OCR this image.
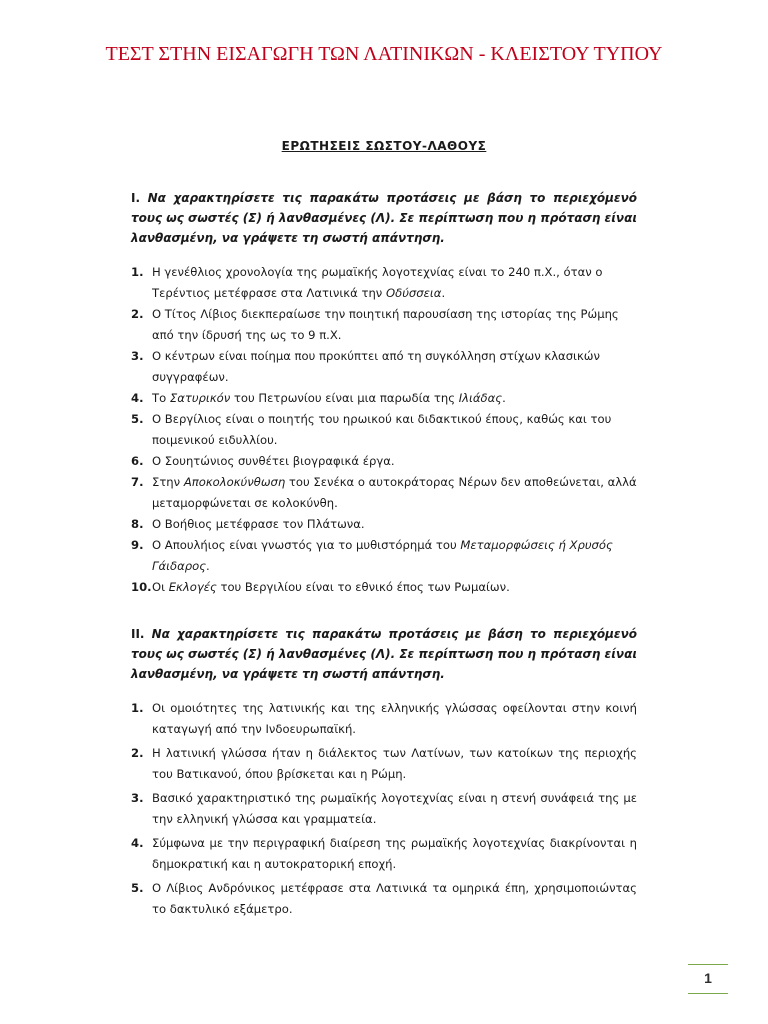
ΤΕΣΤ ΣΤΗΝ ΕΙΣΑΓΩΓΗ ΤΩΝ ΛΑΤΙΝΙΚΩΝ - ΚΛΕΙΣΤΟΥ ΤΥΠΟΥ
ΕΡΩΤΗΣΕΙΣ ΣΩΣΤΟΥ-ΛΑΘΟΥΣ
I. Να χαρακτηρίσετε τις παρακάτω προτάσεις με βάση το περιεχόμενό τους ως σωστές (Σ) ή λανθασμένες (Λ). Σε περίπτωση που η πρόταση είναι λανθασμένη, να γράψετε τη σωστή απάντηση.
1. Η γενέθλιος χρονολογία της ρωμαϊκής λογοτεχνίας είναι το 240 π.Χ., όταν ο Τερέντιος μετέφρασε στα Λατινικά την Οδύσσεια.
2. Ο Τίτος Λίβιος διεκπεραίωσε την ποιητική παρουσίαση της ιστορίας της Ρώμης από την ίδρυσή της ως το 9 π.Χ.
3. Ο κέντρων είναι ποίημα που προκύπτει από τη συγκόλληση στίχων κλασικών συγγραφέων.
4. Το Σατυρικόν του Πετρωνίου είναι μια παρωδία της Ιλιάδας.
5. Ο Βεργίλιος είναι ο ποιητής του ηρωικού και διδακτικού έπους, καθώς και του ποιμενικού ειδυλλίου.
6. Ο Σουητώνιος συνθέτει βιογραφικά έργα.
7. Στην Αποκολοκύνθωση του Σενέκα ο αυτοκράτορας Νέρων δεν αποθεώνεται, αλλά μεταμορφώνεται σε κολοκύνθη.
8. Ο Βοήθιος μετέφρασε τον Πλάτωνα.
9. Ο Απουλήιος είναι γνωστός για το μυθιστόρημά του Μεταμορφώσεις ή Χρυσός Γάιδαρος.
10. Οι Εκλογές του Βεργιλίου είναι το εθνικό έπος των Ρωμαίων.
II. Να χαρακτηρίσετε τις παρακάτω προτάσεις με βάση το περιεχόμενό τους ως σωστές (Σ) ή λανθασμένες (Λ). Σε περίπτωση που η πρόταση είναι λανθασμένη, να γράψετε τη σωστή απάντηση.
1. Οι ομοιότητες της λατινικής και της ελληνικής γλώσσας οφείλονται στην κοινή καταγωγή από την Ινδοευρωπαϊκή.
2. Η λατινική γλώσσα ήταν η διάλεκτος των Λατίνων, των κατοίκων της περιοχής του Βατικανού, όπου βρίσκεται και η Ρώμη.
3. Βασικό χαρακτηριστικό της ρωμαϊκής λογοτεχνίας είναι η στενή συνάφειά της με την ελληνική γλώσσα και γραμματεία.
4. Σύμφωνα με την περιγραφική διαίρεση της ρωμαϊκής λογοτεχνίας διακρίνονται η δημοκρατική και η αυτοκρατορική εποχή.
5. Ο Λίβιος Ανδρόνικος μετέφρασε στα Λατινικά τα ομηρικά έπη, χρησιμοποιώντας το δακτυλικό εξάμετρο.
1
